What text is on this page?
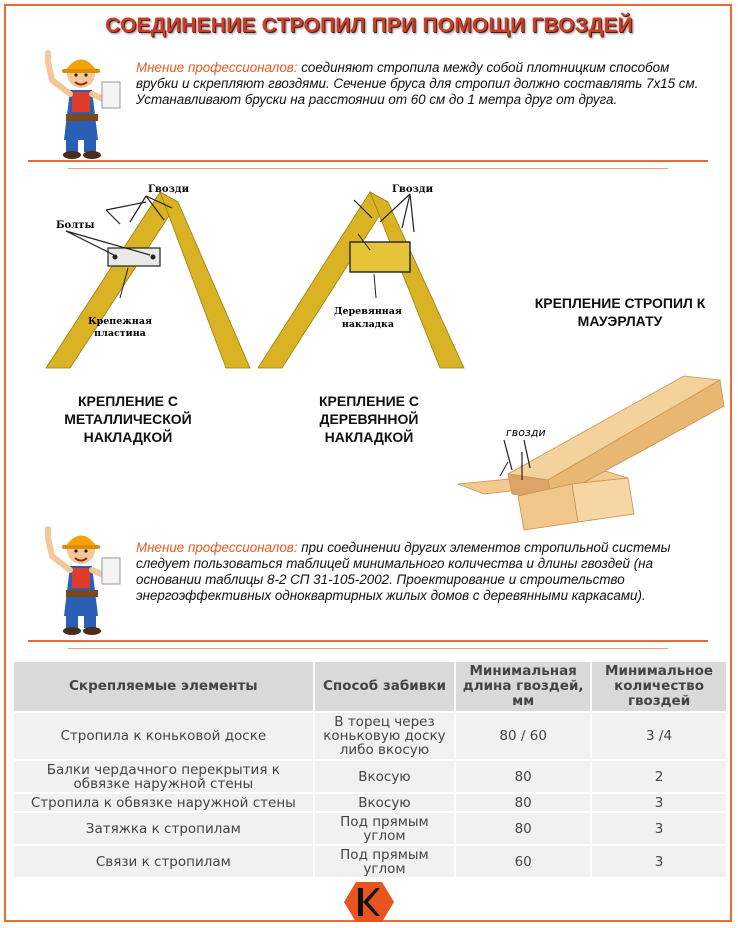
СОЕДИНЕНИЕ СТРОПИЛ ПРИ ПОМОЩИ ГВОЗДЕЙ
Мнение профессионалов: соединяют стропила между собой плотницким способом врубки и скрепляют гвоздями. Сечение бруса для стропил должно составлять 7х15 см. Устанавливают бруски на расстоянии от 60 см до 1 метра друг от друга.
Гвозди
Болты
Крепежная
пластина
КРЕПЛЕНИЕ С
МЕТАЛЛИЧЕСКОЙ
НАКЛАДКОЙ
Гвозди
Деревянная
накладка
КРЕПЛЕНИЕ С
ДЕРЕВЯННОЙ
НАКЛАДКОЙ
КРЕПЛЕНИЕ СТРОПИЛ К
МАУЭРЛАТУ
гвозди
Мнение профессионалов: при соединении других элементов стропильной системы следует пользоваться таблицей минимального количества и длины гвоздей (на основании таблицы 8-2 СП 31-105-2002. Проектирование и строительство энергоэффективных одноквартирных жилых домов с деревянными каркасами).
Скрепляемые элементы	Способ забивки	Минимальная длина гвоздей, мм	Минимальное количество гвоздей
Стропила к коньковой доске	В торец через коньковую доску либо вкосую	80 / 60	3 /4
Балки чердачного перекрытия к обвязке наружной стены	Вкосую	80	2
Стропила к обвязке наружной стены	Вкосую	80	3
Затяжка к стропилам	Под прямым углом	80	3
Связи к стропилам	Под прямым углом	60	3
